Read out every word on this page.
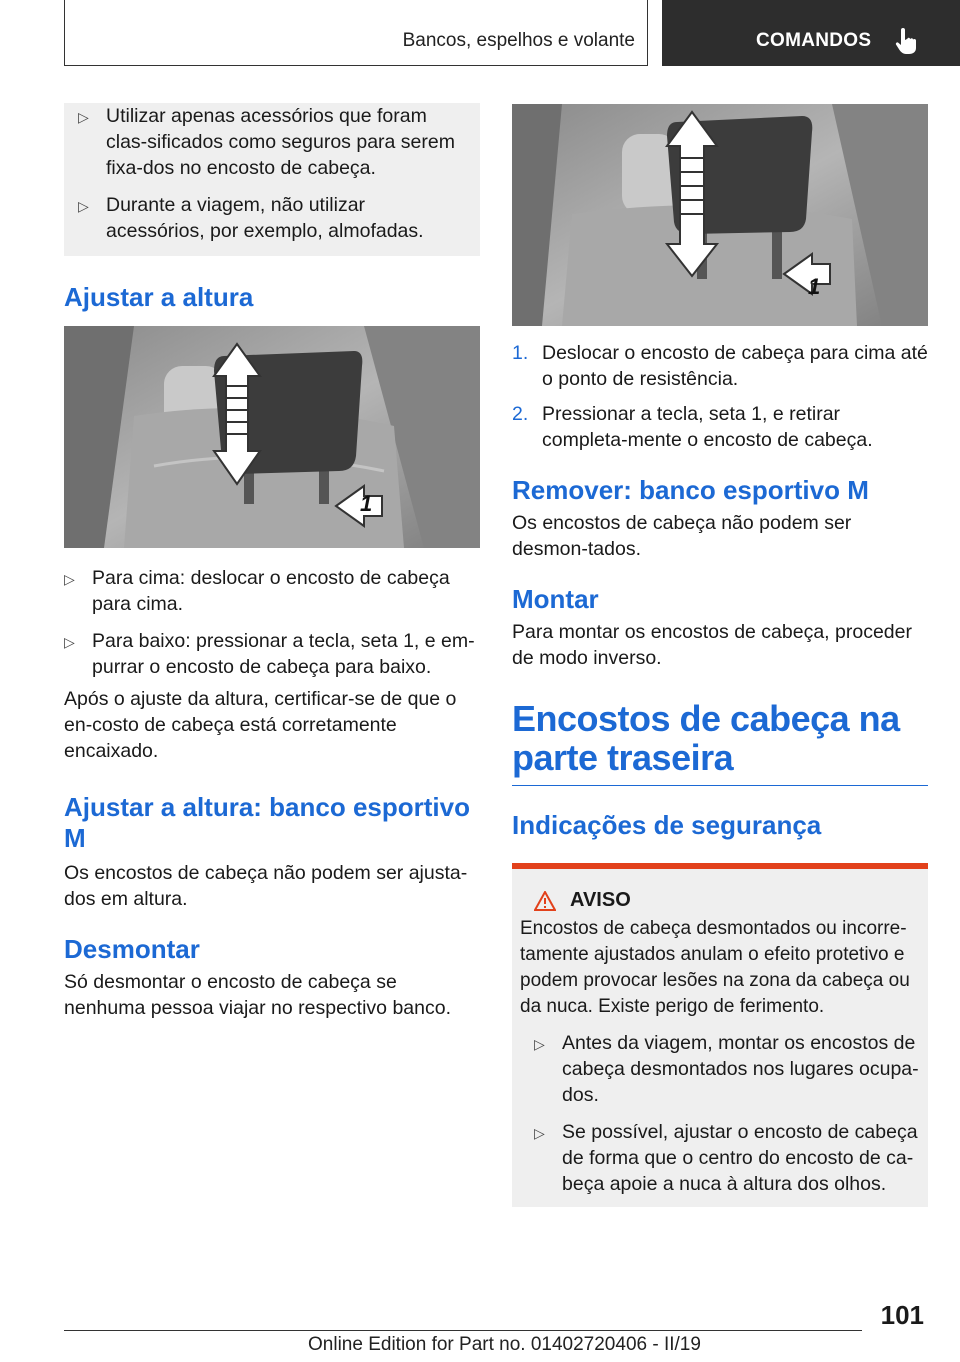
Bancos, espelhos e volante	COMANDOS
▷ Utilizar apenas acessórios que foram clas-sificados como seguros para serem fixa-dos no encosto de cabeça.
▷ Durante a viagem, não utilizar acessórios, por exemplo, almofadas.
Ajustar a altura
1
▷ Para cima: deslocar o encosto de cabeça para cima.
▷ Para baixo: pressionar a tecla, seta 1, e em-purrar o encosto de cabeça para baixo.

Após o ajuste da altura, certificar-se de que o en-costo de cabeça está corretamente encaixado.

Ajustar a altura: banco esportivo M

Os encostos de cabeça não podem ser ajusta-dos em altura.

Desmontar

Só desmontar o encosto de cabeça se nenhuma pessoa viajar no respectivo banco.

1
1. Deslocar o encosto de cabeça para cima até o ponto de resistência.
2. Pressionar a tecla, seta 1, e retirar completa-mente o encosto de cabeça.
Remover: banco esportivo M

Os encostos de cabeça não podem ser desmon-tados.

Montar

Para montar os encostos de cabeça, proceder de modo inverso.

Encostos de cabeça na parte traseira
Indicações de segurança
AVISO

Encostos de cabeça desmontados ou incorre-tamente ajustados anulam o efeito protetivo e podem provocar lesões na zona da cabeça ou da nuca. Existe perigo de ferimento.

▷ Antes da viagem, montar os encostos de cabeça desmontados nos lugares ocupa-dos.
▷ Se possível, ajustar o encosto de cabeça de forma que o centro do encosto de ca-beça apoie a nuca à altura dos olhos.
101
Online Edition for Part no. 01402720406 - II/19
